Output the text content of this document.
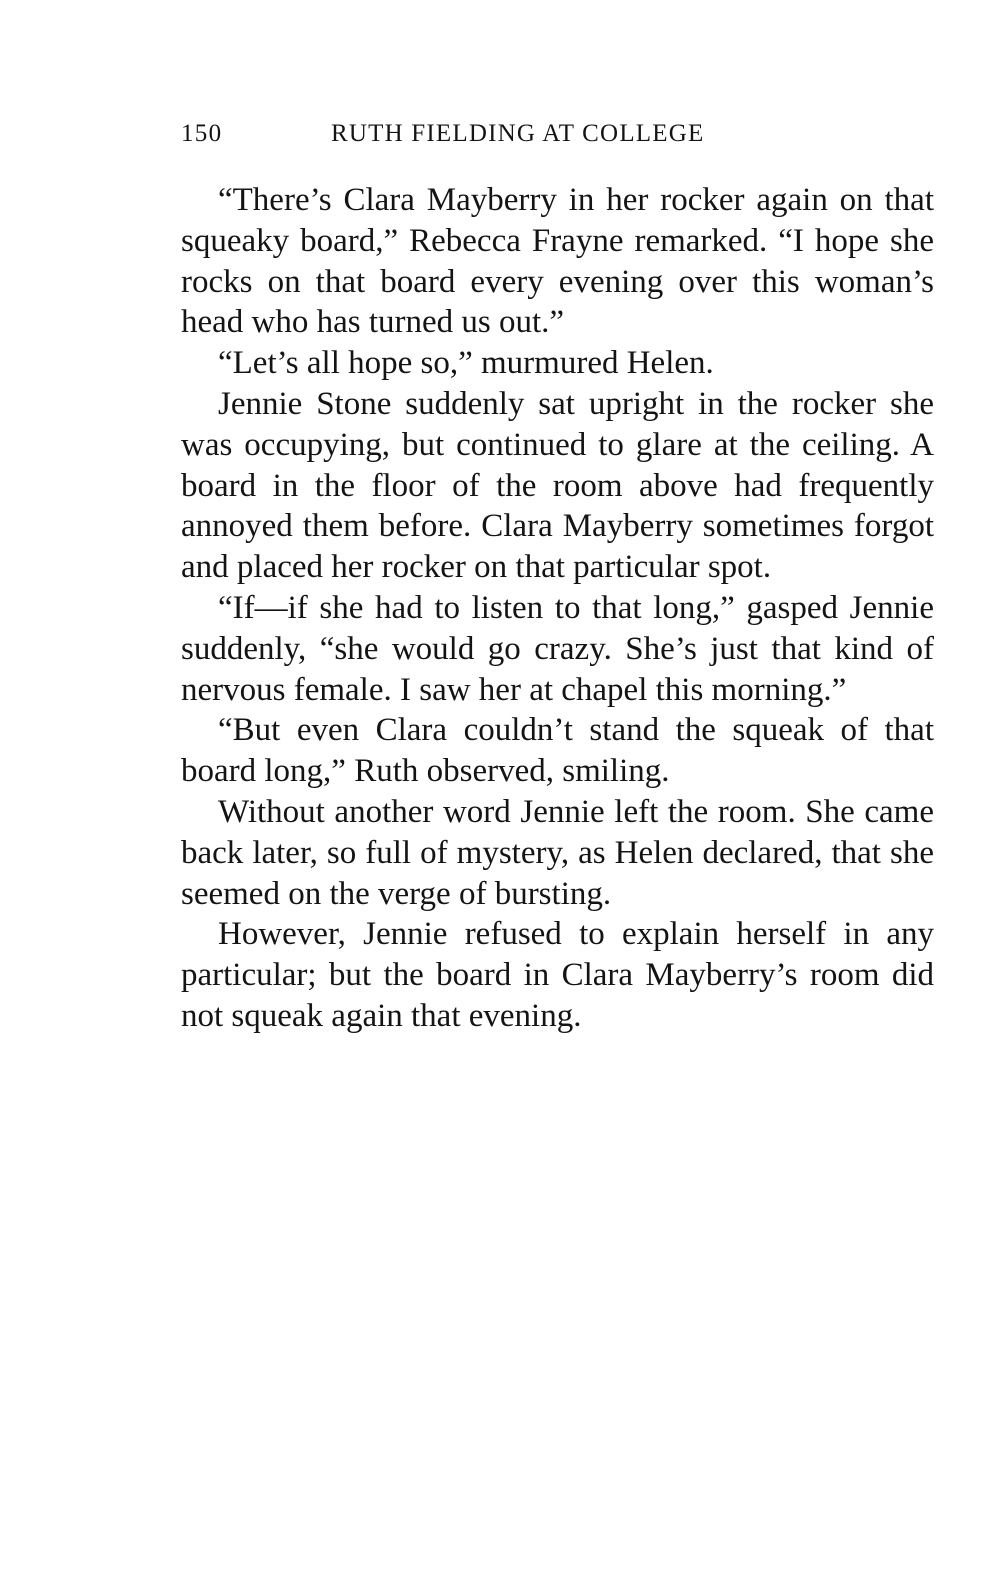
150	RUTH FIELDING AT COLLEGE

“There’s Clara Mayberry in her rocker again on that squeaky board,” Rebecca Frayne remarked. “I hope she rocks on that board every evening over this woman’s head who has turned us out.”

“Let’s all hope so,” murmured Helen.

Jennie Stone suddenly sat upright in the rocker she was occupying, but continued to glare at the ceiling. A board in the floor of the room above had frequently annoyed them before. Clara Mayberry sometimes forgot and placed her rocker on that particular spot.

“If—if she had to listen to that long,” gasped Jennie suddenly, “she would go crazy. She’s just that kind of nervous female. I saw her at chapel this morning.”

“But even Clara couldn’t stand the squeak of that board long,” Ruth observed, smiling.

Without another word Jennie left the room. She came back later, so full of mystery, as Helen declared, that she seemed on the verge of bursting.

However, Jennie refused to explain herself in any particular; but the board in Clara Mayberry’s room did not squeak again that evening.
